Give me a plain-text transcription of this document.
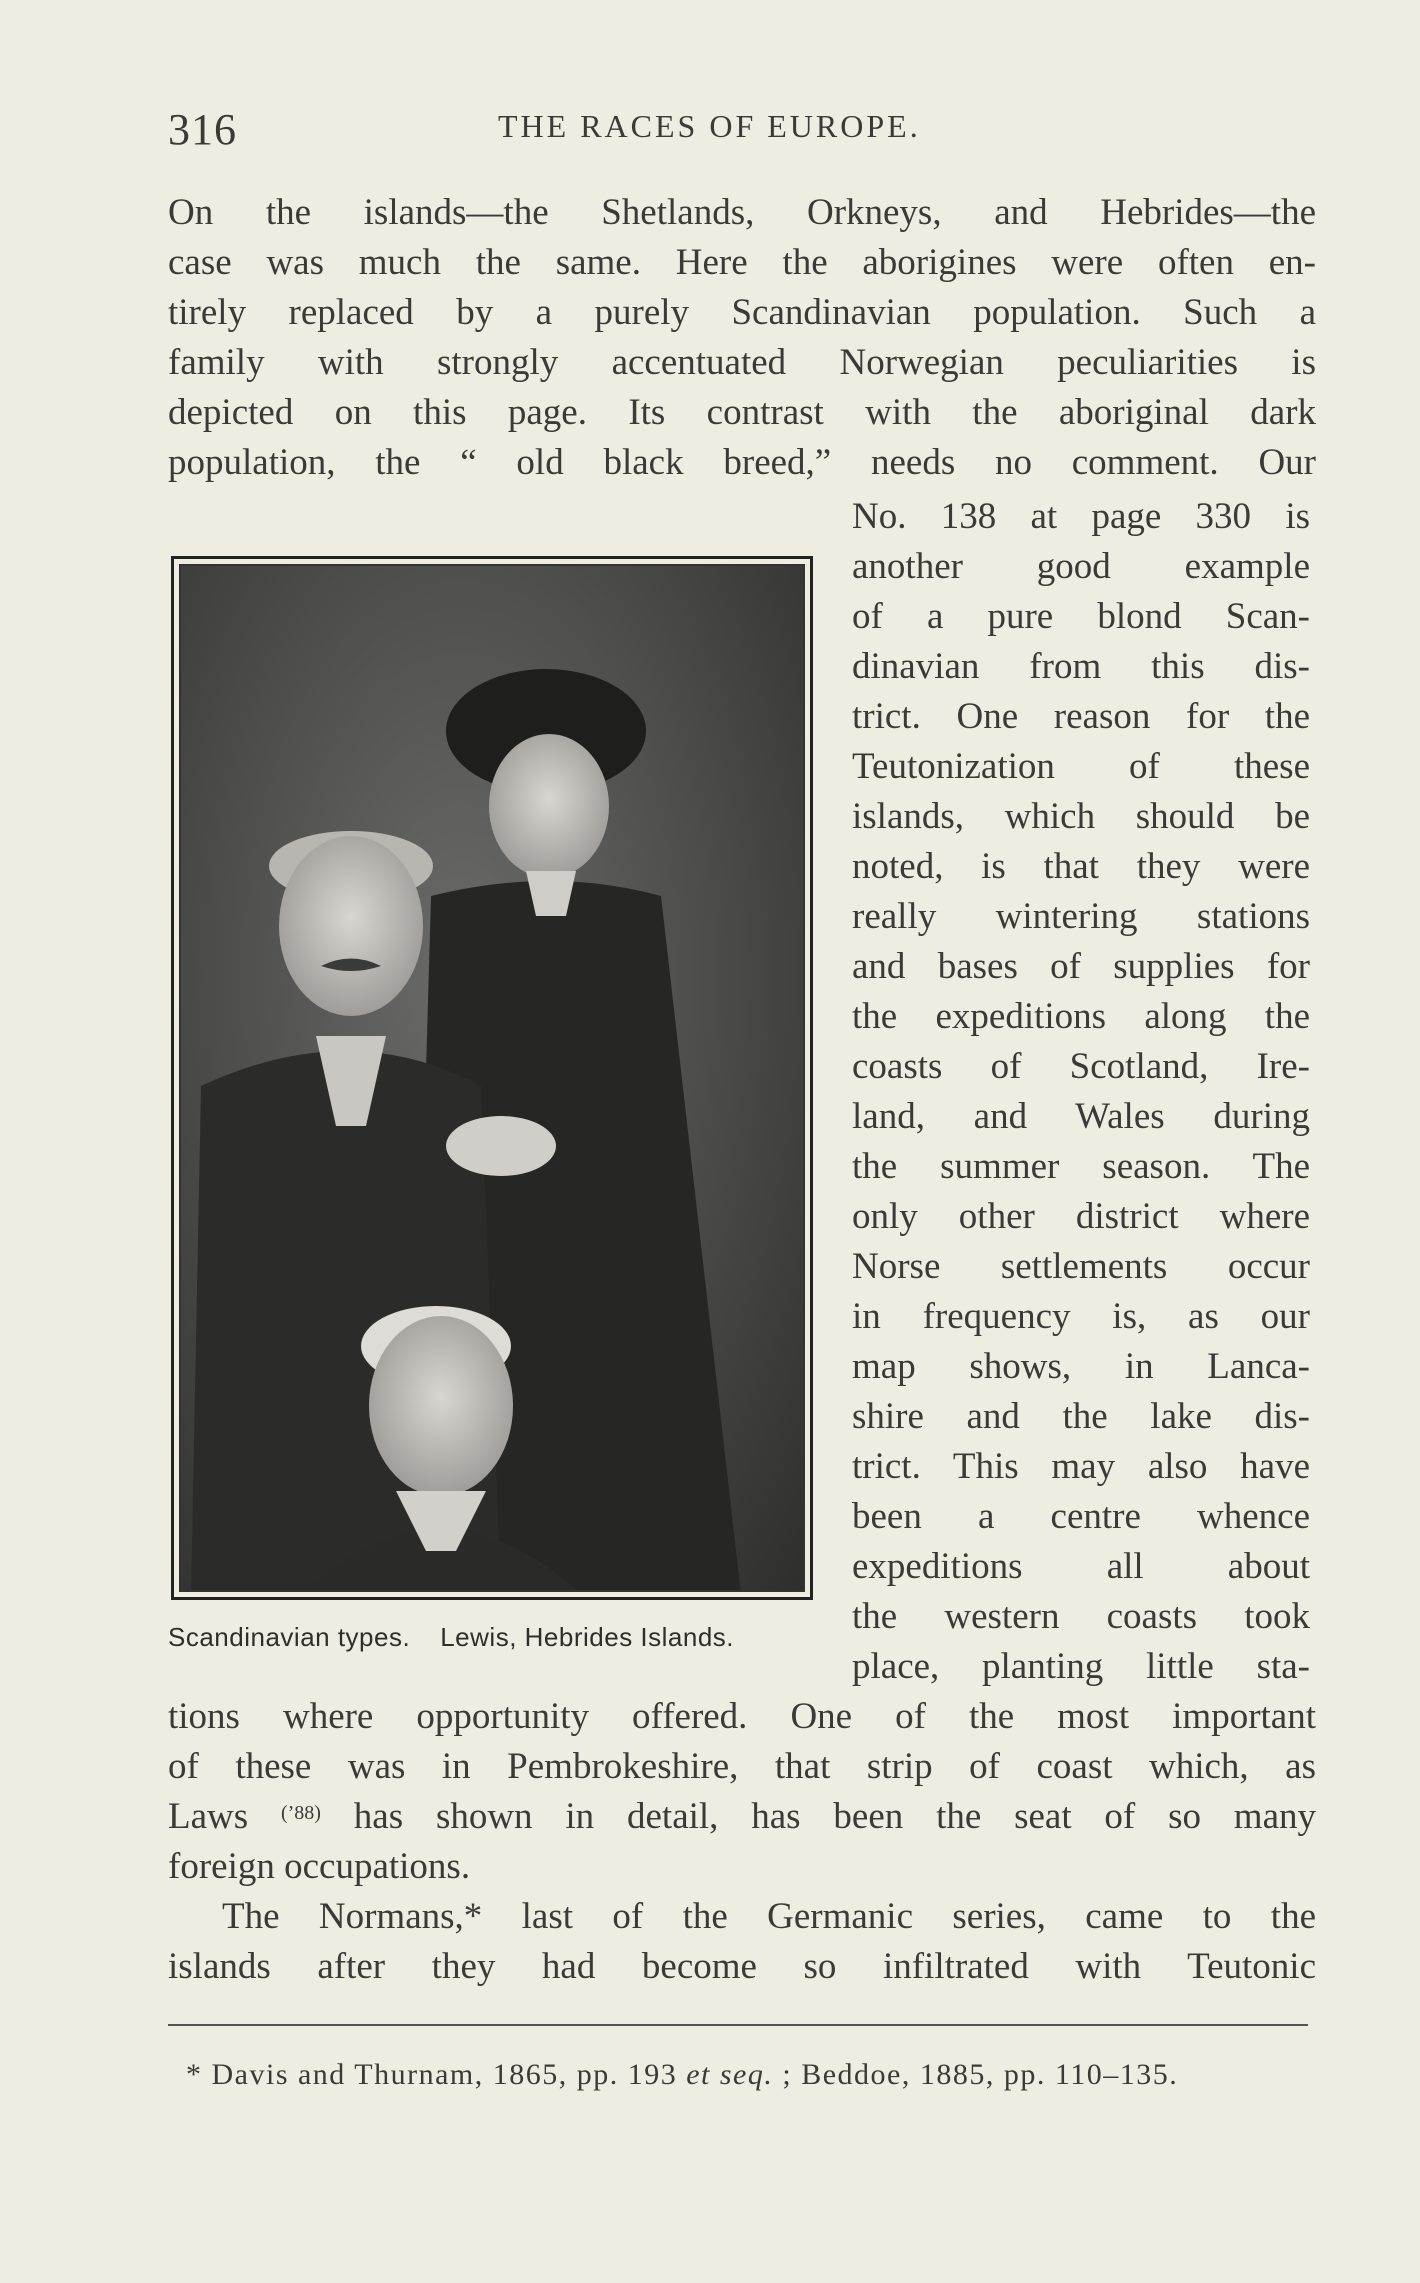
316	THE RACES OF EUROPE.
On the islands—the Shetlands, Orkneys, and Hebrides—the
case was much the same. Here the aborigines were often en-
tirely replaced by a purely Scandinavian population. Such a
family with strongly accentuated Norwegian peculiarities is
depicted on this page. Its contrast with the aboriginal dark
population, the “ old black breed,” needs no comment. Our
No. 138 at page 330 is
another good example
of a pure blond Scan-
dinavian from this dis-
trict. One reason for the
Teutonization of these
islands, which should be
noted, is that they were
really wintering stations
and bases of supplies for
the expeditions along the
coasts of Scotland, Ire-
land, and Wales during
the summer season. The
only other district where
Norse settlements occur
in frequency is, as our
map shows, in Lanca-
shire and the lake dis-
trict. This may also have
been a centre whence
expeditions all about
the western coasts took
place, planting little sta-
Scandinavian types. Lewis, Hebrides Islands.
tions where opportunity offered. One of the most important
of these was in Pembrokeshire, that strip of coast which, as
Laws $^{(’88)}$ has shown in detail, has been the seat of so many
foreign occupations.
The Normans,* last of the Germanic series, came to the
islands after they had become so infiltrated with Teutonic
* Davis and Thurnam, 1865, pp. 193 et seq. ; Beddoe, 1885, pp. 110–135.
